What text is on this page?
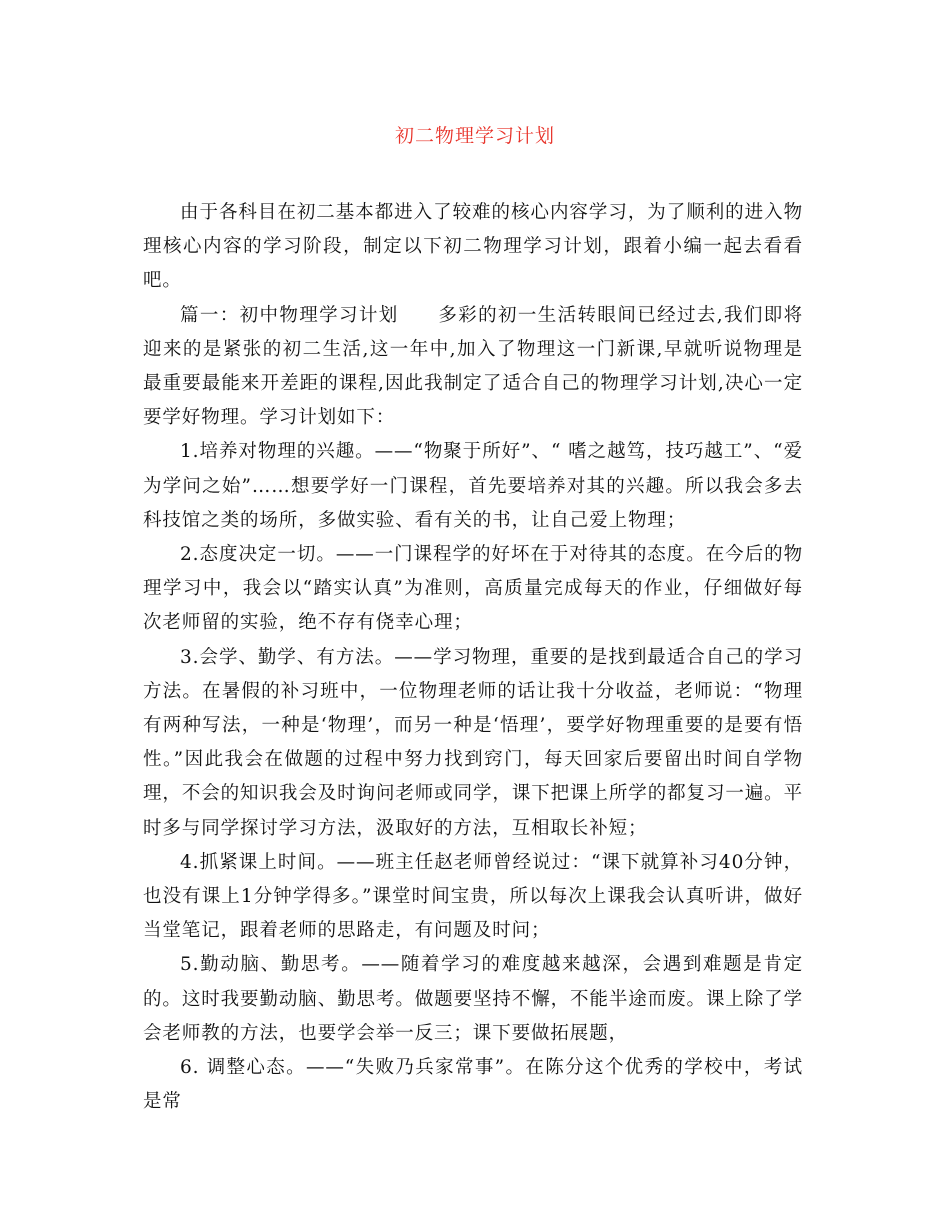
初二物理学习计划

由于各科目在初二基本都进入了较难的核心内容学习，为了顺利的进入物理核心内容的学习阶段，制定以下初二物理学习计划，跟着小编一起去看看吧。

篇一：初中物理学习计划　　多彩的初一生活转眼间已经过去,我们即将迎来的是紧张的初二生活,这一年中,加入了物理这一门新课,早就听说物理是最重要最能来开差距的课程,因此我制定了适合自己的物理学习计划,决心一定要学好物理。学习计划如下：

1.培养对物理的兴趣。——“物聚于所好”、“ 嗜之越笃，技巧越工”、“爱为学问之始”……想要学好一门课程，首先要培养对其的兴趣。所以我会多去科技馆之类的场所，多做实验、看有关的书，让自己爱上物理；

2.态度决定一切。——一门课程学的好坏在于对待其的态度。在今后的物理学习中，我会以“踏实认真”为准则，高质量完成每天的作业，仔细做好每次老师留的实验，绝不存有侥幸心理；

3.会学、勤学、有方法。——学习物理，重要的是找到最适合自己的学习方法。在暑假的补习班中，一位物理老师的话让我十分收益，老师说：“物理有两种写法，一种是‘物理’，而另一种是‘悟理’，要学好物理重要的是要有悟性。”因此我会在做题的过程中努力找到窍门，每天回家后要留出时间自学物理，不会的知识我会及时询问老师或同学，课下把课上所学的都复习一遍。平时多与同学探讨学习方法，汲取好的方法，互相取长补短；

4.抓紧课上时间。——班主任赵老师曾经说过：“课下就算补习40分钟，也没有课上1分钟学得多。”课堂时间宝贵，所以每次上课我会认真听讲，做好当堂笔记，跟着老师的思路走，有问题及时问；

5.勤动脑、勤思考。——随着学习的难度越来越深，会遇到难题是肯定的。这时我要勤动脑、勤思考。做题要坚持不懈，不能半途而废。课上除了学会老师教的方法，也要学会举一反三；课下要做拓展题，

6. 调整心态。——“失败乃兵家常事”。在陈分这个优秀的学校中，考试是常
